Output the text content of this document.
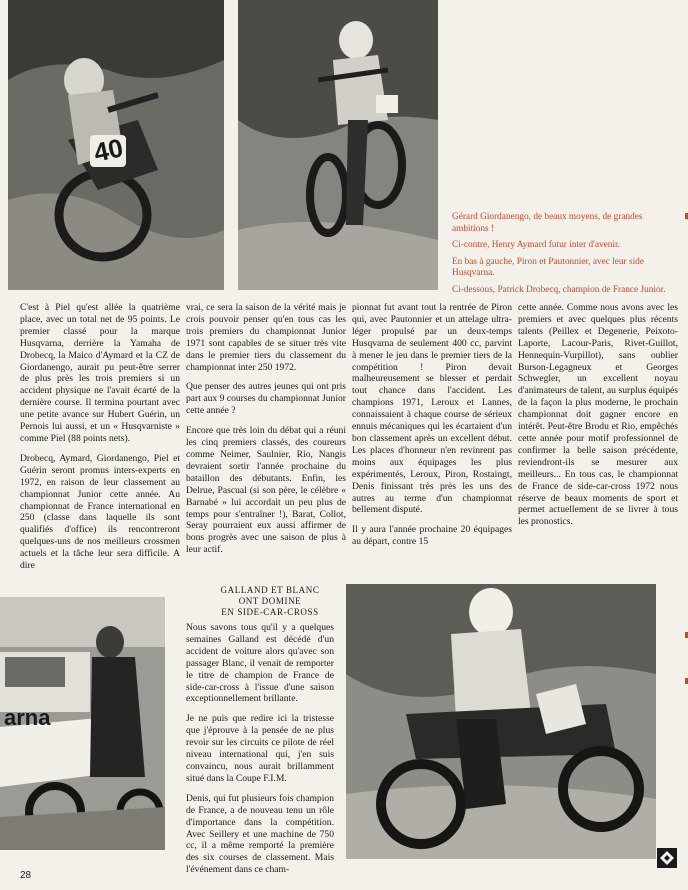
40

Gérard Giordanengo, de beaux moyens, de grandes ambitions !

Ci-contre, Henry Aymard futur inter d'avenir.

En bas à gauche, Piron et Pautonnier, avec leur side Husqvarna.

Ci-dessous, Patrick Drobecq, champion de France Junior.

C'est à Piel qu'est allée la quatrième place, avec un total net de 95 points. Le premier classé pour la marque Husqvarna, derrière la Yamaha de Drobecq, la Maico d'Aymard et la CZ de Giordanengo, aurait pu peut-être serrer de plus près les trois premiers si un accident physique ne l'avait écarté de la dernière course. Il termina pourtant avec une petite avance sur Hubert Guérin, un Pernois lui aussi, et un « Husqvarniste » comme Piel (88 points nets).

Drobecq, Aymard, Giordanengo, Piel et Guérin seront promus inters-experts en 1972, en raison de leur classement au championnat Junior cette année. Au championnat de France international en 250 (classe dans laquelle ils sont qualifiés d'office) ils rencontreront quelques-uns de nos meilleurs crossmen actuels et la tâche leur sera difficile. A dire

vrai, ce sera la saison de la vérité mais je crois pouvoir penser qu'en tous cas les trois premiers du championnat Junior 1971 sont capables de se situer très vite dans le premier tiers du classement du championnat inter 250 1972.

Que penser des autres jeunes qui ont pris part aux 9 courses du championnat Junior cette année ?

Encore que très loin du débat qui a réuni les cinq premiers classés, des coureurs comme Neimer, Saulnier, Rio, Nangis devraient sortir l'année prochaine du bataillon des débutants. Enfin, les Delrue, Pascual (si son père, le célèbre « Barnabé » lui accordait un peu plus de temps pour s'entraîner !), Barat, Collot, Seray pourraient eux aussi affirmer de bons progrès avec une saison de plus à leur actif.

pionnat fut avant tout la rentrée de Piron qui, avec Pautonnier et un attelage ultra-léger propulsé par un deux-temps Husqvarna de seulement 400 cc, parvint à mener le jeu dans le premier tiers de la compétition ! Piron devait malheureusement se blesser et perdait tout chance dans l'accident. Les champions 1971, Leroux et Lannes, connaissaient à chaque course de sérieux ennuis mécaniques qui les écartaient d'un bon classement après un excellent début. Les places d'honneur n'en revinrent pas moins aux équipages les plus expérimentés, Leroux, Piron, Rostaingt, Denis finissant très près les uns des autres au terme d'un championnat bellement disputé.

Il y aura l'année prochaine 20 équipages au départ, contre 15

cette année. Comme nous avons avec les premiers et avec quelques plus récents talents (Peillex et Degenerie, Peixoto-Laporte, Lacour-Paris, Rivet-Guillot, Hennequin-Vurpillot), sans oublier Burson-Legagneux et Georges Schwegler, un excellent noyau d'animateurs de talent, au surplus équipés de la façon la plus moderne, le prochain championnat doit gagner encore en intérêt. Peut-être Brodu et Rio, empêchés cette année pour motif professionnel de confirmer la belle saison précédente, reviendront-ils se mesurer aux meilleurs... En tous cas, le championnat de France de side-car-cross 1972 nous réserve de beaux moments de sport et permet actuellement de se livrer à tous les pronostics.

arna
GALLAND ET BLANC
ONT DOMINE
EN SIDE-CAR-CROSS

Nous savons tous qu'il y a quelques semaines Galland est décédé d'un accident de voiture alors qu'avec son passager Blanc, il venait de remporter le titre de champion de France de side-car-cross à l'issue d'une saison exceptionnellement brillante.

Je ne puis que redire ici la tristesse que j'éprouve à la pensée de ne plus revoir sur les circuits ce pilote de réel niveau international qui, j'en suis convaincu, nous aurait brillamment situé dans la Coupe F.I.M.

Denis, qui fut plusieurs fois champion de France, a de nouveau tenu un rôle d'importance dans la compétition. Avec Seillery et une machine de 750 cc, il a même remporté la première des six courses de classement. Mais l'événement dans ce cham-

28
